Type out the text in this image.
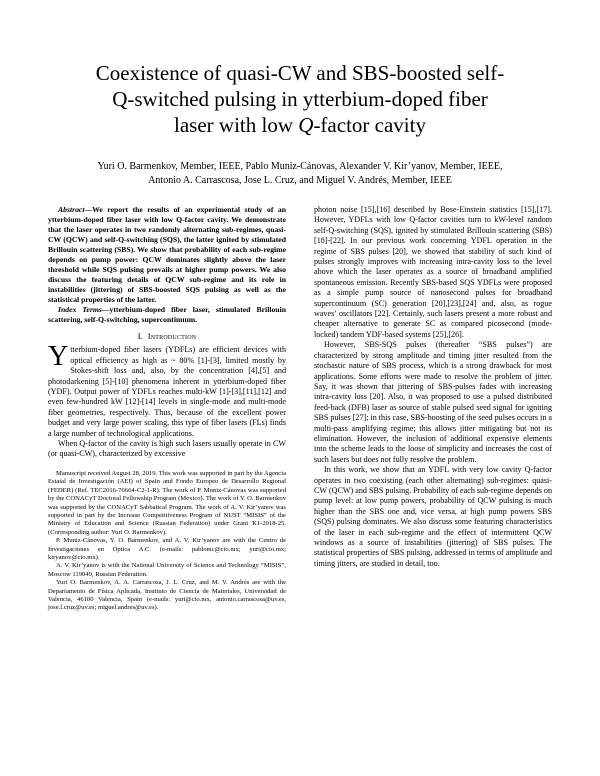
Coexistence of quasi-CW and SBS-boosted self-
Q-switched pulsing in ytterbium-doped fiber
laser with low Q-factor cavity
Yuri O. Barmenkov, Member, IEEE, Pablo Muniz-Cánovas, Alexander V. Kir’yanov, Member, IEEE,
Antonio A. Carrascosa, Jose L. Cruz, and Miguel V. Andrés, Member, IEEE

Abstract—We report the results of an experimental study of an ytterbium-doped fiber laser with low Q-factor cavity. We demonstrate that the laser operates in two randomly alternating sub-regimes, quasi-CW (QCW) and self-Q-switching (SQS), the latter ignited by stimulated Brillouin scattering (SBS). We show that probability of each sub-regime depends on pump power: QCW dominates slightly above the laser threshold while SQS pulsing prevails at higher pump powers. We also discuss the featuring details of QCW sub-regime and its role in instabilities (jittering) of SBS-boosted SQS pulsing as well as the statistical properties of the latter.

Index Terms—ytterbium-doped fiber laser, stimulated Brillouin scattering, self-Q-switching, supercontinuum.

I. Introduction

Ytterbium-doped fiber lasers (YDFLs) are efficient devices with optical efficiency as high as ~ 80% [1]-[3], limited mostly by Stokes-shift loss and, also, by the concentration [4],[5] and photodarkening [5]-[10] phenomena inherent in ytterbium-doped fiber (YDF). Output power of YDFLs reaches multi-kW [1]-[3],[11],[12] and even few-hundred kW [12]-[14] levels in single-mode and multi-mode fiber geometries, respectively. Thus, because of the excellent power budget and very large power scaling, this type of fiber lasers (FLs) finds a large number of technological applications.

When Q-factor of the cavity is high such lasers usually operate in CW (or quasi-CW), characterized by excessive

Manuscript received August 28, 2019. This work was supported in part by the Agencia Estatal de Investigación (AEI) of Spain and Fondo Europeo de Desarrollo Regional (FEDER) (Ref. TEC2016-76664-C2-1-R). The work of P. Muniz-Cánovas was supported by the CONACyT Doctoral Fellowship Program (Mexico). The work of Y. O. Barmenkov was supported by the CONACyT Sabbatical Program. The work of A. V. Kir’yanov was supported in part by the Increase Competitiveness Program of NUST “MISIS” of the Ministry of Education and Science (Russian Federation) under Grant K1-2018-25. (Corresponding author: Yuri O. Barmenkov).

P. Muniz-Cánovas, Y. O. Barmenkov, and A. V. Kir’yanov are with the Centro de Investigaciones en Óptica A.C. (e-mails: pablomc@cio.mx; yuri@cio.mx; kiryanov@cio.mx).

A. V. Kir’yanov is with the National University of Science and Technology “MISIS”, Moscow 119049, Russian Federation.

Yuri O. Barmenkov, A. A. Carrascosa, J. L. Cruz, and M. V. Andrés are with the Departamento de Física Aplicada, Instituto de Ciencia de Materiales, Universidad de Valencia, 46100 Valencia, Spain (e-mails: yuri@cio.mx, antonio.carrascosa@uv.es, jose.l.cruz@uv.es; miguel.andres@uv.es).

photon noise [15],[16] described by Bose-Einstein statistics [15],[17]. However, YDFLs with low Q-factor cavities turn to kW-level random self-Q-switching (SQS), ignited by stimulated Brillouin scattering (SBS) [18]-[22]. In our previous work concerning YDFL operation in the regime of SBS pulses [20], we showed that stability of such kind of pulses strongly improves with increasing intra-cavity loss to the level above which the laser operates as a source of broadband amplified spontaneous emission. Recently SBS-based SQS YDFLs were proposed as a simple pump source of nanosecond pulses for broadband supercontinuum (SC) generation [20],[23],[24] and, also, as rogue waves’ oscillators [22]. Certainly, such lasers present a more robust and cheaper alternative to generate SC as compared picosecond (mode-locked) tandem YDF-based systems [25],[26].

However, SBS-SQS pulses (thereafter “SBS pulses”) are characterized by strong amplitude and timing jitter resulted from the stochastic nature of SBS process, which is a strong drawback for most applications. Some efforts were made to resolve the problem of jitter. Say, it was shown that jittering of SBS-pulses fades with increasing intra-cavity loss [20]. Also, it was proposed to use a pulsed distributed feed-back (DFB) laser as source of stable pulsed seed signal for igniting SBS pulses [27]; in this case, SBS-boosting of the seed pulses occurs in a multi-pass amplifying regime; this allows jitter mitigating but not its elimination. However, the inclusion of additional expensive elements into the scheme leads to the loose of simplicity and increases the cost of such lasers but does not fully resolve the problem.

In this work, we show that an YDFL with very low cavity Q-factor operates in two coexisting (each other alternating) sub-regimes: quasi-CW (QCW) and SBS pulsing. Probability of each sub-regime depends on pump level: at low pump powers, probability of QCW pulsing is much higher than the SBS one and, vice versa, at high pump powers SBS (SQS) pulsing dominates. We also discuss some featuring characteristics of the laser in each sub-regime and the effect of intermittent QCW windows as a source of instabilities (jittering) of SBS pulses. The statistical properties of SBS pulsing, addressed in terms of amplitude and timing jitters, are studied in detail, too.
